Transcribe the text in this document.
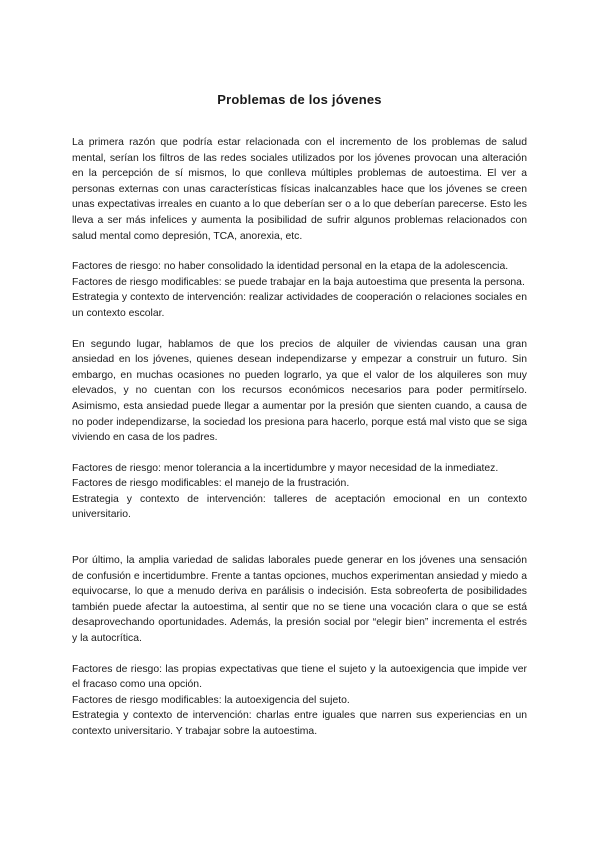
Problemas de los jóvenes

La primera razón que podría estar relacionada con el incremento de los problemas de salud mental, serían los filtros de las redes sociales utilizados por los jóvenes provocan una alteración en la percepción de sí mismos, lo que conlleva múltiples problemas de autoestima. El ver a personas externas con unas características físicas inalcanzables hace que los jóvenes se creen unas expectativas irreales en cuanto a lo que deberían ser o a lo que deberían parecerse. Esto les lleva a ser más infelices y aumenta la posibilidad de sufrir algunos problemas relacionados con salud mental como depresión, TCA, anorexia, etc.

Factores de riesgo: no haber consolidado la identidad personal en la etapa de la adolescencia.

Factores de riesgo modificables: se puede trabajar en la baja autoestima que presenta la persona.

Estrategia y contexto de intervención: realizar actividades de cooperación o relaciones sociales en un contexto escolar.

En segundo lugar, hablamos de que los precios de alquiler de viviendas causan una gran ansiedad en los jóvenes, quienes desean independizarse y empezar a construir un futuro. Sin embargo, en muchas ocasiones no pueden lograrlo, ya que el valor de los alquileres son muy elevados, y no cuentan con los recursos económicos necesarios para poder permitírselo. Asimismo, esta ansiedad puede llegar a aumentar por la presión que sienten cuando, a causa de no poder independizarse, la sociedad los presiona para hacerlo, porque está mal visto que se siga viviendo en casa de los padres.

Factores de riesgo: menor tolerancia a la incertidumbre y mayor necesidad de la inmediatez.

Factores de riesgo modificables: el manejo de la frustración.

Estrategia y contexto de intervención: talleres de aceptación emocional en un contexto universitario.

Por último, la amplia variedad de salidas laborales puede generar en los jóvenes una sensación de confusión e incertidumbre. Frente a tantas opciones, muchos experimentan ansiedad y miedo a equivocarse, lo que a menudo deriva en parálisis o indecisión. Esta sobreoferta de posibilidades también puede afectar la autoestima, al sentir que no se tiene una vocación clara o que se está desaprovechando oportunidades. Además, la presión social por “elegir bien” incrementa el estrés y la autocrítica.

Factores de riesgo: las propias expectativas que tiene el sujeto y la autoexigencia que impide ver el fracaso como una opción.

Factores de riesgo modificables: la autoexigencia del sujeto.

Estrategia y contexto de intervención: charlas entre iguales que narren sus experiencias en un contexto universitario. Y trabajar sobre la autoestima.
